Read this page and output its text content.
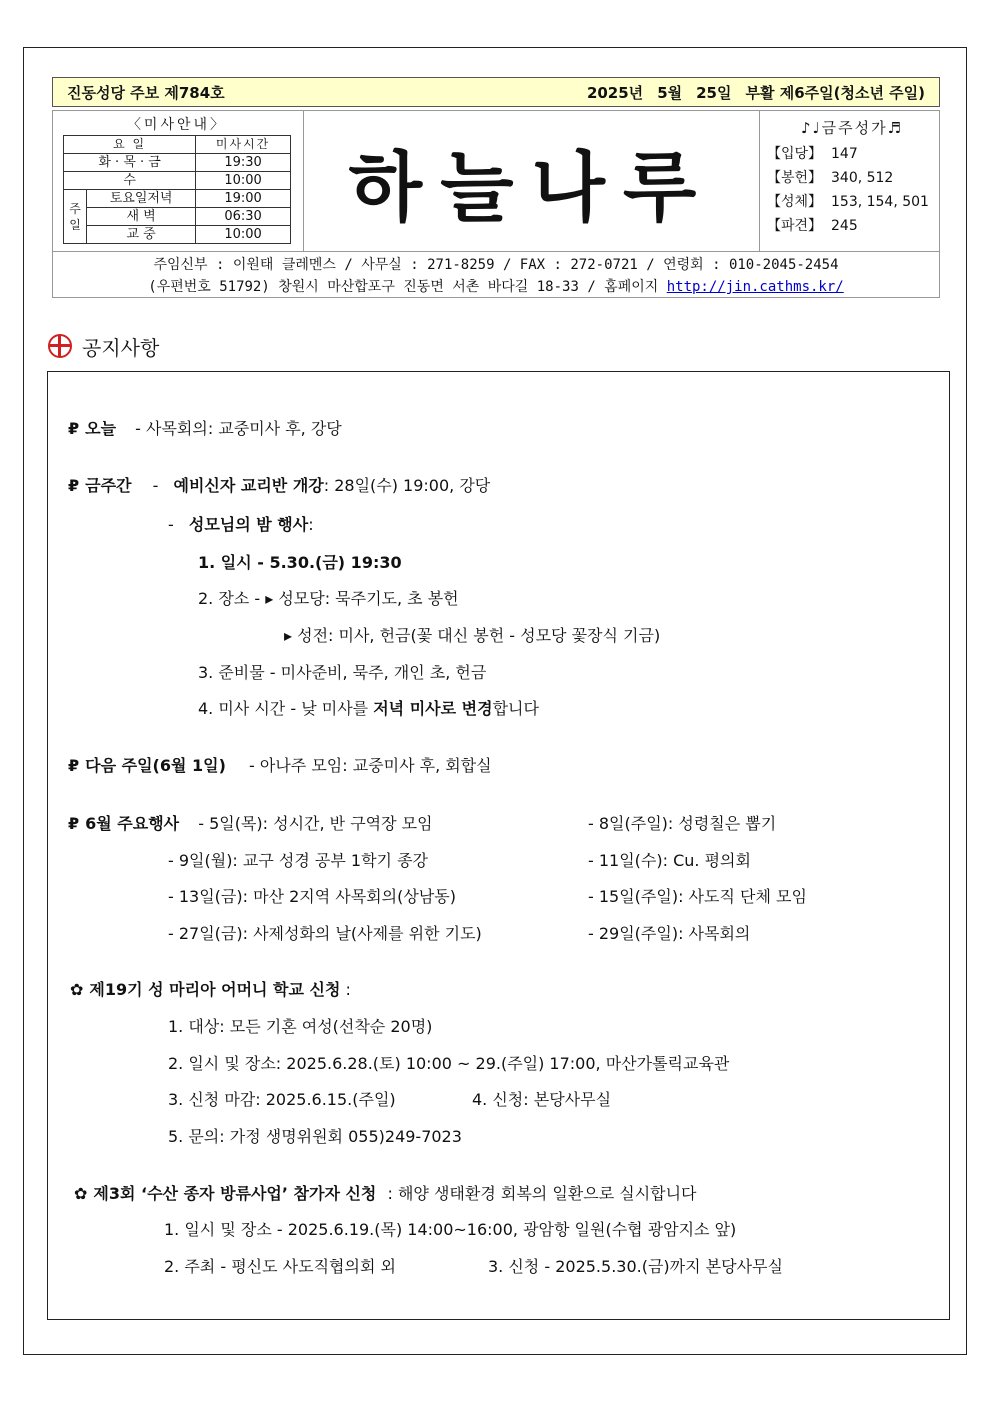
진동성당 주보 제784호	2025년 5월 25일 부활 제6주일(청소년 주일)
〈미사안내〉
요 일		미사시간
화 · 목 · 금		19:30
수		10:00
주일	토요일저녁	19:00
	새 벽	06:30
	교 중	10:00
하늘나루
♪♩금주성가♬
【입당】 147
【봉헌】 340, 512
【성체】 153, 154, 501
【파견】 245
주임신부 : 이원태 클레멘스 / 사무실 : 271-8259 / FAX : 272-0721 / 연령회 : 010-2045-2454
(우편번호 51792) 창원시 마산합포구 진동면 서촌 바다길 18-33 / 홈페이지 http://jin.cathms.kr/
공지사항
₽ 오늘 - 사목회의: 교중미사 후, 강당
₽ 금주간 - 예비신자 교리반 개강: 28일(수) 19:00, 강당
- 성모님의 밤 행사:
1. 일시 - 5.30.(금) 19:30
2. 장소 - ▸ 성모당: 묵주기도, 초 봉헌
▸ 성전: 미사, 헌금(꽃 대신 봉헌 - 성모당 꽃장식 기금)
3. 준비물 - 미사준비, 묵주, 개인 초, 헌금
4. 미사 시간 - 낮 미사를 저녁 미사로 변경합니다
₽ 다음 주일(6월 1일) - 아나주 모임: 교중미사 후, 회합실
₽ 6월 주요행사 - 5일(목): 성시간, 반 구역장 모임	- 8일(주일): 성령칠은 뽑기
- 9일(월): 교구 성경 공부 1학기 종강	- 11일(수): Cu. 평의회
- 13일(금): 마산 2지역 사목회의(상남동)	- 15일(주일): 사도직 단체 모임
- 27일(금): 사제성화의 날(사제를 위한 기도)	- 29일(주일): 사목회의
✿ 제19기 성 마리아 어머니 학교 신청 :
1. 대상: 모든 기혼 여성(선착순 20명)
2. 일시 및 장소: 2025.6.28.(토) 10:00 ~ 29.(주일) 17:00, 마산가톨릭교육관
3. 신청 마감: 2025.6.15.(주일)	4. 신청: 본당사무실
5. 문의: 가정 생명위원회 055)249-7023
✿ 제3회 ‘수산 종자 방류사업’ 참가자 신청 : 해양 생태환경 회복의 일환으로 실시합니다
1. 일시 및 장소 - 2025.6.19.(목) 14:00~16:00, 광암항 일원(수협 광암지소 앞)
2. 주최 - 평신도 사도직협의회 외	3. 신청 - 2025.5.30.(금)까지 본당사무실
